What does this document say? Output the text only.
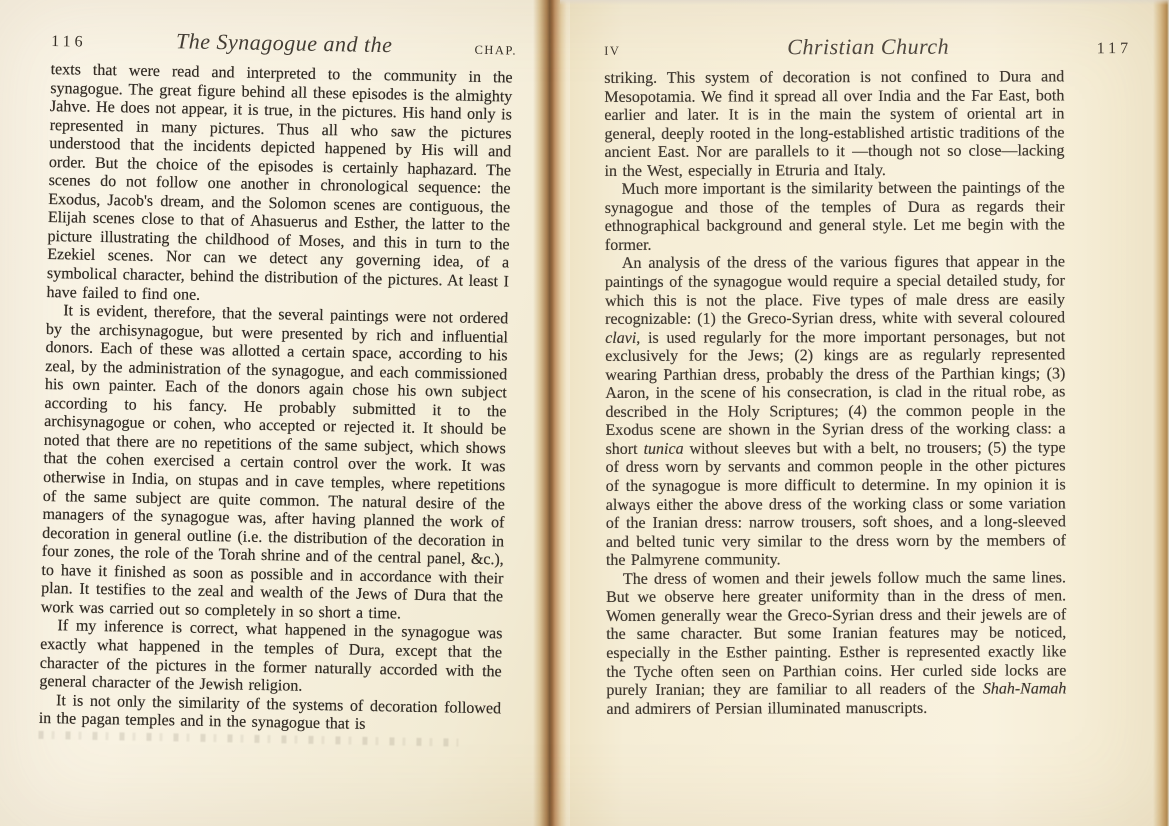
116	The Synagogue and the	CHAP.

texts that were read and interpreted to the community in the synagogue. The great figure behind all these episodes is the almighty Jahve. He does not appear, it is true, in the pictures. His hand only is represented in many pictures. Thus all who saw the pictures understood that the incidents depicted happened by His will and order. But the choice of the episodes is certainly haphazard. The scenes do not follow one another in chronological sequence: the Exodus, Jacob's dream, and the Solomon scenes are contiguous, the Elijah scenes close to that of Ahasuerus and Esther, the latter to the picture illustrating the childhood of Moses, and this in turn to the Ezekiel scenes. Nor can we detect any governing idea, of a symbolical character, behind the distribution of the pictures. At least I have failed to find one.

It is evident, therefore, that the several paintings were not ordered by the archisynagogue, but were presented by rich and influential donors. Each of these was allotted a certain space, according to his zeal, by the administration of the synagogue, and each commissioned his own painter. Each of the donors again chose his own subject according to his fancy. He probably submitted it to the archisynagogue or cohen, who accepted or rejected it. It should be noted that there are no repetitions of the same subject, which shows that the cohen exercised a certain control over the work. It was otherwise in India, on stupas and in cave temples, where repetitions of the same subject are quite common. The natural desire of the managers of the synagogue was, after having planned the work of decoration in general outline (i.e. the distribution of the decoration in four zones, the role of the Torah shrine and of the central panel, &c.), to have it finished as soon as possible and in accordance with their plan. It testifies to the zeal and wealth of the Jews of Dura that the work was carried out so completely in so short a time.

If my inference is correct, what happened in the synagogue was exactly what happened in the temples of Dura, except that the character of the pictures in the former naturally accorded with the general character of the Jewish religion.

It is not only the similarity of the systems of decoration followed in the pagan temples and in the synagogue that is

IV	Christian Church	117

striking. This system of decoration is not confined to Dura and Mesopotamia. We find it spread all over India and the Far East, both earlier and later. It is in the main the system of oriental art in general, deeply rooted in the long-established artistic traditions of the ancient East. Nor are parallels to it —though not so close—lacking in the West, especially in Etruria and Italy.

Much more important is the similarity between the paintings of the synagogue and those of the temples of Dura as regards their ethnographical background and general style. Let me begin with the former.

An analysis of the dress of the various figures that appear in the paintings of the synagogue would require a special detailed study, for which this is not the place. Five types of male dress are easily recognizable: (1) the Greco-Syrian dress, white with several coloured clavi, is used regularly for the more important personages, but not exclusively for the Jews; (2) kings are as regularly represented wearing Parthian dress, probably the dress of the Parthian kings; (3) Aaron, in the scene of his consecration, is clad in the ritual robe, as described in the Holy Scriptures; (4) the common people in the Exodus scene are shown in the Syrian dress of the working class: a short tunica without sleeves but with a belt, no trousers; (5) the type of dress worn by servants and common people in the other pictures of the synagogue is more difficult to determine. In my opinion it is always either the above dress of the working class or some variation of the Iranian dress: narrow trousers, soft shoes, and a long-sleeved and belted tunic very similar to the dress worn by the members of the Palmyrene community.

The dress of women and their jewels follow much the same lines. But we observe here greater uniformity than in the dress of men. Women generally wear the Greco-Syrian dress and their jewels are of the same character. But some Iranian features may be noticed, especially in the Esther painting. Esther is represented exactly like the Tyche often seen on Parthian coins. Her curled side locks are purely Iranian; they are familiar to all readers of the Shah-Namah and admirers of Persian illuminated manuscripts.
